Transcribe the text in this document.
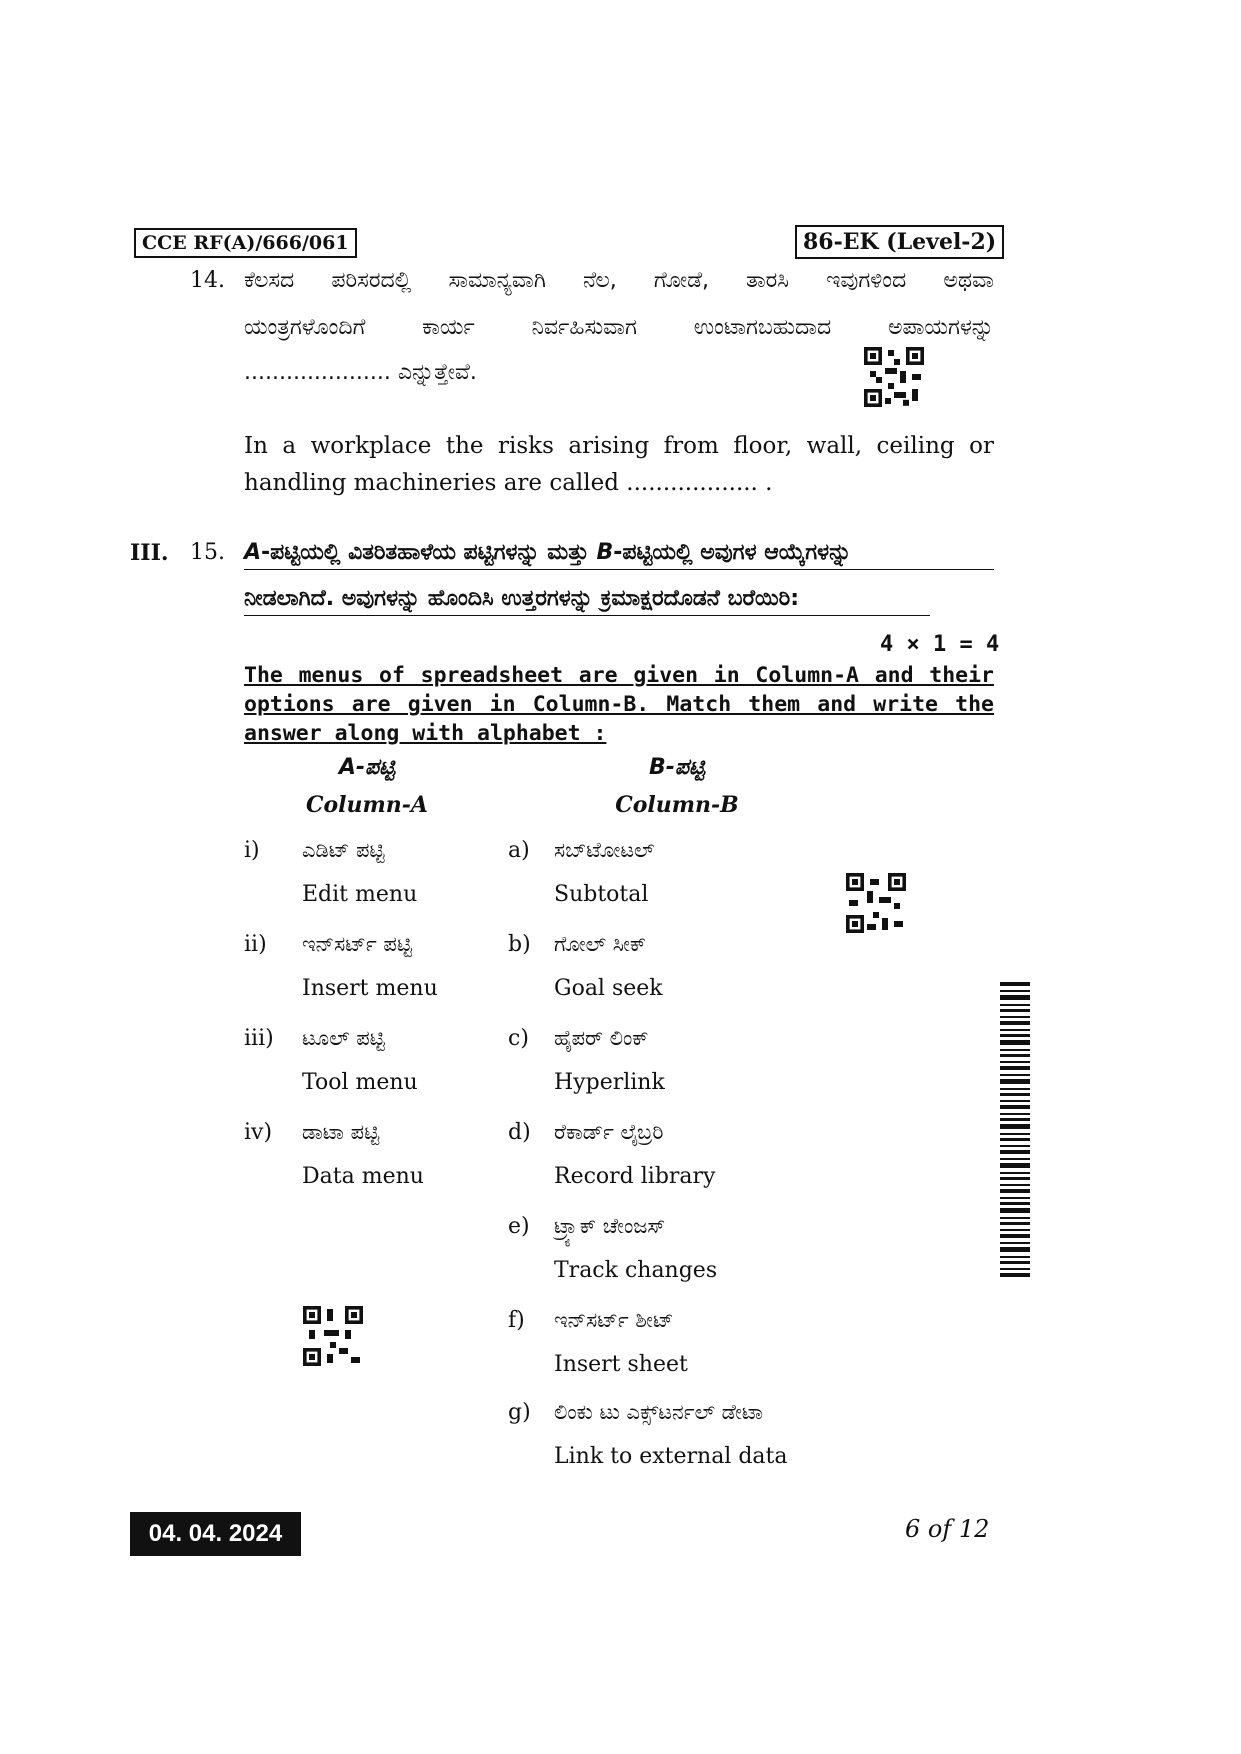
CCE RF(A)/666/061	86-EK (Level-2)
14. ಕೆಲಸದ ಪರಿಸರದಲ್ಲಿ ಸಾಮಾನ್ಯವಾಗಿ ನೆಲ, ಗೋಡೆ, ತಾರಸಿ ಇವುಗಳಿಂದ ಅಥವಾ
ಯಂತ್ರಗಳೊಂದಿಗೆ ಕಾರ್ಯ ನಿರ್ವಹಿಸುವಾಗ ಉಂಟಾಗಬಹುದಾದ ಅಪಾಯಗಳನ್ನು
..................... ಎನ್ನುತ್ತೇವೆ.
In a workplace the risks arising from floor, wall, ceiling or
handling machineries are called .................. .
III. 15. A-ಪಟ್ಟಿಯಲ್ಲಿ ವಿತರಿತಹಾಳೆಯ ಪಟ್ಟಿಗಳನ್ನು ಮತ್ತು B-ಪಟ್ಟಿಯಲ್ಲಿ ಅವುಗಳ ಆಯ್ಕೆಗಳನ್ನು
ನೀಡಲಾಗಿದೆ. ಅವುಗಳನ್ನು ಹೊಂದಿಸಿ ಉತ್ತರಗಳನ್ನು ಕ್ರಮಾಕ್ಷರದೊಡನೆ ಬರೆಯಿರಿ:
4 × 1 = 4
The menus of spreadsheet are given in Column-A and their
options are given in Column-B. Match them and write the
answer along with alphabet :
A-ಪಟ್ಟಿ
Column-A
B-ಪಟ್ಟಿ
Column-B
i) ಎಡಿಟ್ ಪಟ್ಟಿ
Edit menu
ii) ಇನ್‌ಸರ್ಟ್ ಪಟ್ಟಿ
Insert menu
iii) ಟೂಲ್ ಪಟ್ಟಿ
Tool menu
iv) ಡಾಟಾ ಪಟ್ಟಿ
Data menu
a) ಸಬ್‌ಟೋಟಲ್
Subtotal
b) ಗೋಲ್ ಸೀಕ್
Goal seek
c) ಹೈಪರ್ ಲಿಂಕ್
Hyperlink
d) ರೆಕಾರ್ಡ್ ಲೈಬ್ರರಿ
Record library
e) ಟ್ರ್ಯಾಕ್ ಚೇಂಜಸ್
Track changes
f) ಇನ್‌ಸರ್ಟ್ ಶೀಟ್
Insert sheet
g) ಲಿಂಕು ಟು ಎಕ್ಸ್‌ಟರ್ನಲ್ ಡೇಟಾ
Link to external data
04. 04. 2024	6 of 12
